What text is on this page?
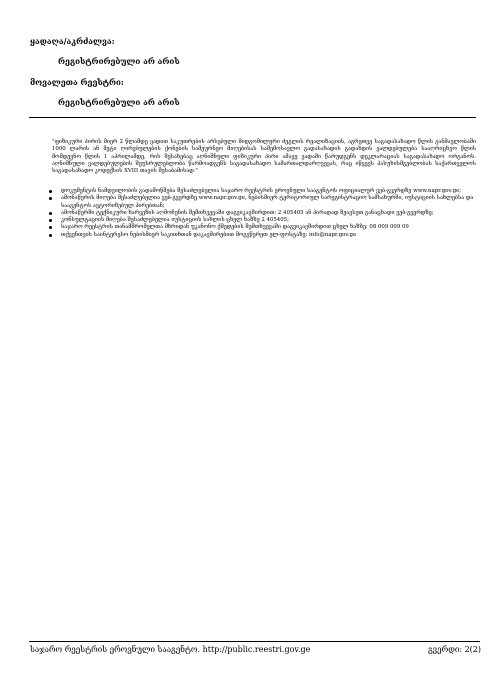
ყადაღა/აკრძალვა:
რეგისტრირებული არ არის
მოვალეთა რეესტრი:
რეგისტრირებული არ არის
"ფიზიკური პირის მიერ 2 წლამდე ვადით საკუთრების არსებული მიდგომილური ძეგლის რეალიზაციის, აგრეთვე საგადასახადო წლის განმავლობაში 1000 ლარის ან მეტი ღირებულების ქონების სამეურნეო მიღებისას საშემოსავლო გადასახადის გადახდის ვალდებულება სააღრიცხვო წლის მომდევნო წლის 1 აპრილამდე, რის შესახებაც აღნიშნული ფიზიკური პირი ამავე ვადაში წარუდგენს დეკლარაციას საგადასახადო ორგანოს. აღნიშნული ვალდებულების შეუსრულებლობა წარმოადგენს საგადასახადო სამართალდარღვევას, რაც იწვევს პასუხისმგებლობას საქართველოს საგადასახადო კოდექსის XVIII თავის შესაბამისად."
დოკუმენტის ნამდვილობის გადამოწმება შესაძლებელია საჯარო რეესტრის ეროვნული სააგენტოს ოფიციალურ ვებ-გვერდზე www.napr.gov.ge;
ამონაწერის მიღება შესაძლებელია ვებ-გვერდზე www.napr.gov.ge, ნებისმიერ ტერიტორიულ სარეგისტრაციო სამსახურში, იუსტიციის სახლებსა და სააგენტოს ავტორიზებულ პირებთან;
ამონაწერში ტექნიკური ხარვეზის აღმოჩენის შემთხვევაში დაგვიკავშირდით: 2 405405 ან პირადად შეავსეთ განაცხადი ვებ-გვერდზე;
კონსულტაციის მიღება შესაძლებელია იუსტიციის სახლის ცხელ ხაზზე 2 405405;
საჯარო რეესტრის თანამშრომელთა მხრიდან უკანონო ქმედების შემთხვევაში დაგვიკავშირდით ცხელ ხაზზე: 08 009 009 09
თქვენთვის საინტერესო ნებისმიერ საკითხთან დაკავშირებით მოგვწერეთ ელ-ფოსტაზე: info@napr.gov.ge
საჯარო რეესტრის ეროვნული სააგენტო. http://public.reestri.gov.ge	გვერდი: 2(2)
